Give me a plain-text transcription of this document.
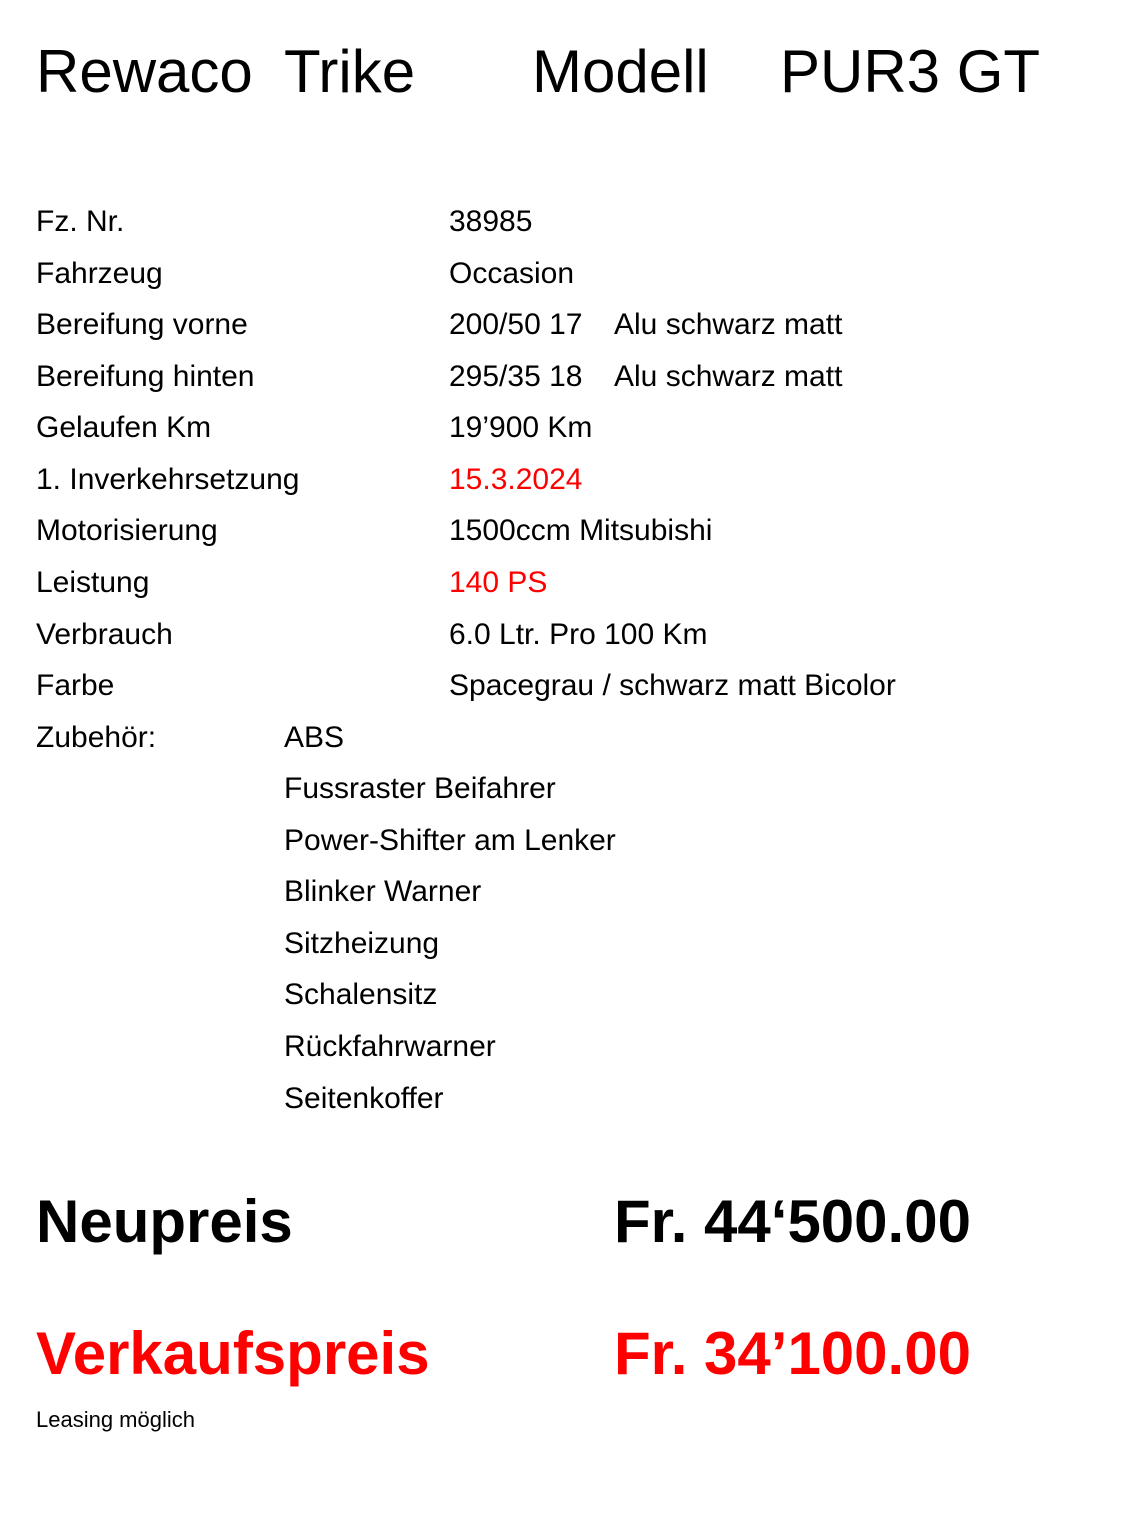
Rewaco Trike Modell PUR3 GT
Fz. Nr.	38985
Fahrzeug	Occasion
Bereifung vorne	200/50 17 Alu schwarz matt
Bereifung hinten	295/35 18 Alu schwarz matt
Gelaufen Km	19’900 Km
1. Inverkehrsetzung	15.3.2024
Motorisierung	1500ccm Mitsubishi
Leistung	140 PS
Verbrauch	6.0 Ltr. Pro 100 Km
Farbe	Spacegrau / schwarz matt Bicolor
Zubehör:	ABS
Fussraster Beifahrer
Power-Shifter am Lenker
Blinker Warner
Sitzheizung
Schalensitz
Rückfahrwarner
Seitenkoffer
Neupreis	Fr. 44‘500.00
Verkaufspreis	Fr. 34’100.00
Leasing möglich
